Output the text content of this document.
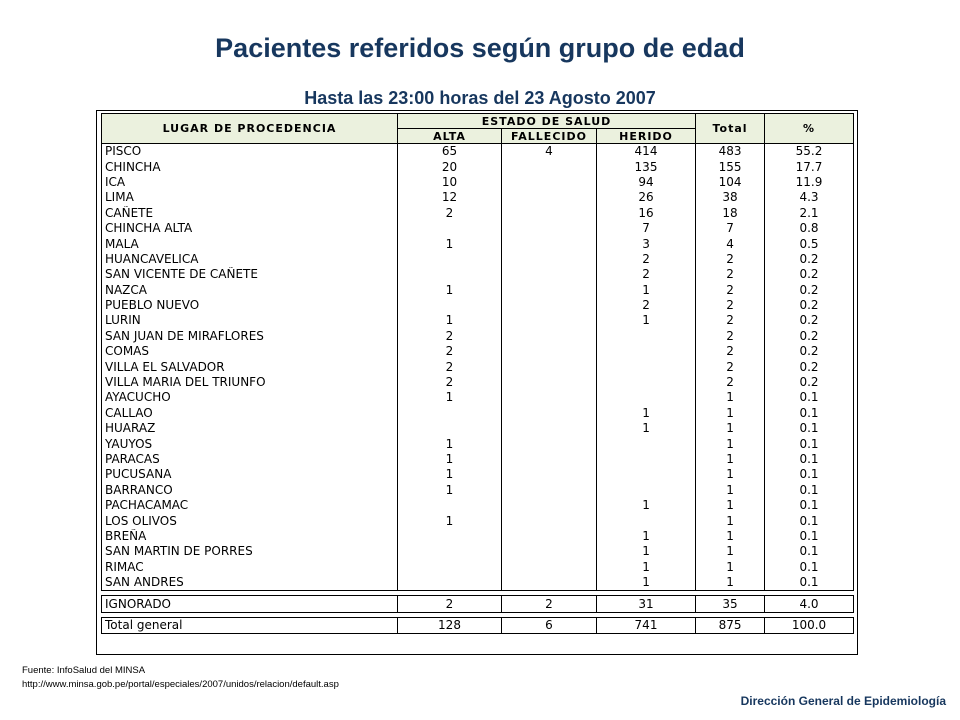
Pacientes referidos según grupo de edad
Hasta las 23:00 horas del 23 Agosto 2007
LUGAR DE PROCEDENCIA	ESTADO DE SALUD			Total	%
	ALTA	FALLECIDO	HERIDO		
PISCO	65	4	414	483	55.2
CHINCHA	20		135	155	17.7
ICA	10		94	104	11.9
LIMA	12		26	38	4.3
CAÑETE	2		16	18	2.1
CHINCHA ALTA			7	7	0.8
MALA	1		3	4	0.5
HUANCAVELICA			2	2	0.2
SAN VICENTE DE CAÑETE			2	2	0.2
NAZCA	1		1	2	0.2
PUEBLO NUEVO			2	2	0.2
LURIN	1		1	2	0.2
SAN JUAN DE MIRAFLORES	2			2	0.2
COMAS	2			2	0.2
VILLA EL SALVADOR	2			2	0.2
VILLA MARIA DEL TRIUNFO	2			2	0.2
AYACUCHO	1			1	0.1
CALLAO			1	1	0.1
HUARAZ			1	1	0.1
YAUYOS	1			1	0.1
PARACAS	1			1	0.1
PUCUSANA	1			1	0.1
BARRANCO	1			1	0.1
PACHACAMAC			1	1	0.1
LOS OLIVOS	1			1	0.1
BREÑA			1	1	0.1
SAN MARTIN DE PORRES			1	1	0.1
RIMAC			1	1	0.1
SAN ANDRES			1	1	0.1

IGNORADO	2	2	31	35	4.0

Total general	128	6	741	875	100.0
Fuente: InfoSalud del MINSA
http://www.minsa.gob.pe/portal/especiales/2007/unidos/relacion/default.asp
Dirección General de Epidemiología
